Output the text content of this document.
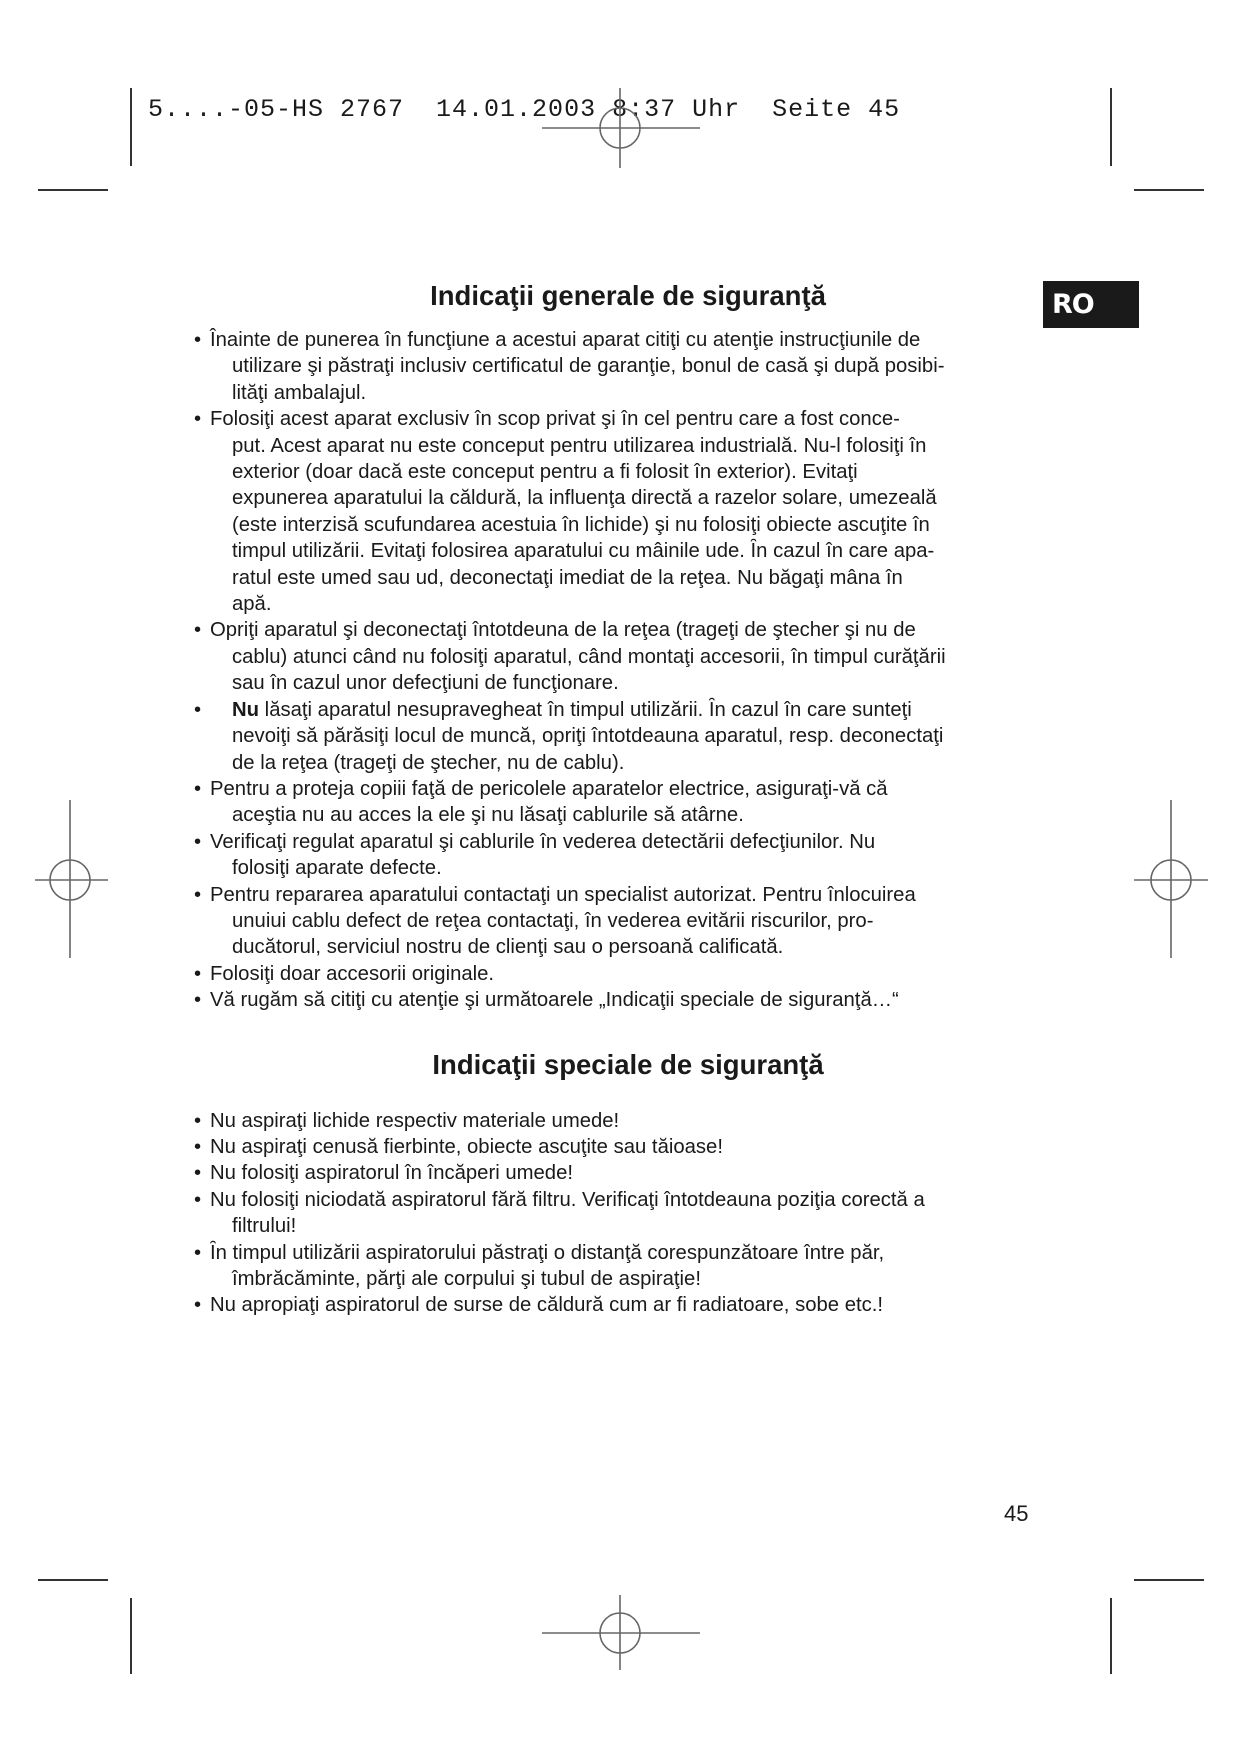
5....-05-HS 2767  14.01.2003 8:37 Uhr  Seite 45
RO
Indicaţii generale de siguranţă
• Înainte de punerea în funcţiune a acestui aparat citiţi cu atenţie instrucţiunile de
utilizare şi păstraţi inclusiv certificatul de garanţie, bonul de casă şi după posibi-
lităţi ambalajul.
• Folosiţi acest aparat exclusiv în scop privat şi în cel pentru care a fost conce-
put. Acest aparat nu este conceput pentru utilizarea industrială. Nu-l folosiţi în
exterior (doar dacă este conceput pentru a fi folosit în exterior). Evitaţi
expunerea aparatului la căldură, la influenţa directă a razelor solare, umezeală
(este interzisă scufundarea acestuia în lichide) şi nu folosiţi obiecte ascuţite în
timpul utilizării. Evitaţi folosirea aparatului cu mâinile ude. Ȋn cazul în care apa-
ratul este umed sau ud, deconectaţi imediat de la reţea. Nu băgaţi mâna în
apă.
• Opriţi aparatul şi deconectaţi întotdeuna de la reţea (trageţi de ştecher şi nu de
cablu) atunci când nu folosiţi aparatul, când montaţi accesorii, în timpul curăţării
sau în cazul unor defecţiuni de funcţionare.
• Nu lăsaţi aparatul nesupravegheat în timpul utilizării. Ȋn cazul în care sunteţi
nevoiţi să părăsiţi locul de muncă, opriţi întotdeauna aparatul, resp. deconectaţi
de la reţea (trageţi de ştecher, nu de cablu).
• Pentru a proteja copiii faţă de pericolele aparatelor electrice, asiguraţi-vă că
aceştia nu au acces la ele şi nu lăsaţi cablurile să atârne.
• Verificaţi regulat aparatul şi cablurile în vederea detectării defecţiunilor. Nu
folosiţi aparate defecte.
• Pentru repararea aparatului contactaţi un specialist autorizat. Pentru înlocuirea
unuiui cablu defect de reţea contactaţi, în vederea evitării riscurilor, pro-
ducătorul, serviciul nostru de clienţi sau o persoană calificată.
• Folosiţi doar accesorii originale.
• Vă rugăm să citiţi cu atenţie şi următoarele „Indicaţii speciale de siguranţă…“
Indicaţii speciale de siguranţă
• Nu aspiraţi lichide respectiv materiale umede!
• Nu aspiraţi cenusă fierbinte, obiecte ascuţite sau tăioase!
• Nu folosiţi aspiratorul în încăperi umede!
• Nu folosiţi niciodată aspiratorul fără filtru. Verificaţi întotdeauna poziţia corectă a
filtrului!
• Ȋn timpul utilizării aspiratorului păstraţi o distanţă corespunzătoare între păr,
îmbrăcăminte, părţi ale corpului şi tubul de aspiraţie!
• Nu apropiaţi aspiratorul de surse de căldură cum ar fi radiatoare, sobe etc.!
45
